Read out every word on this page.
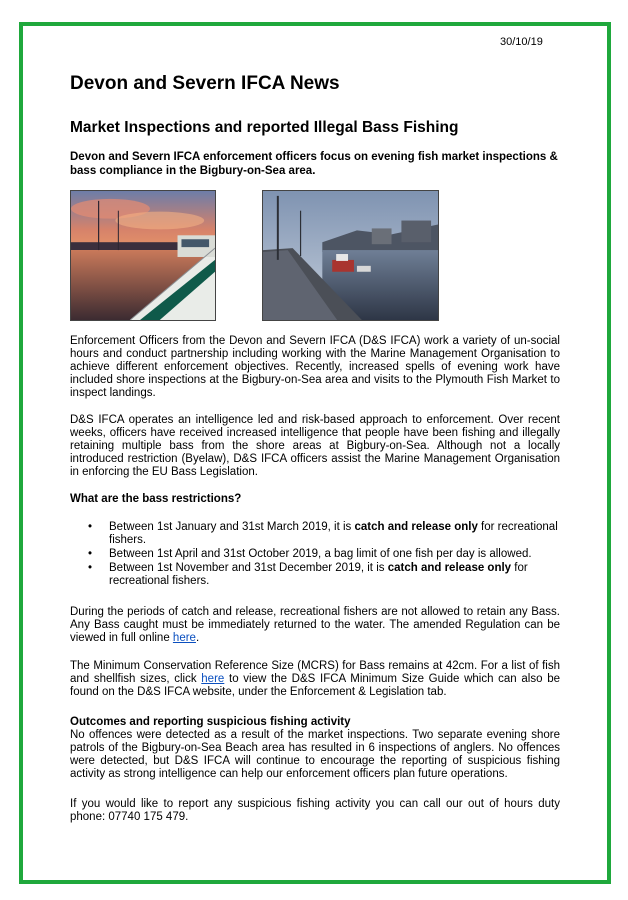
30/10/19
Devon and Severn IFCA News
Market Inspections and reported Illegal Bass Fishing

Devon and Severn IFCA enforcement officers focus on evening fish market inspections & bass compliance in the Bigbury-on-Sea area.

Enforcement Officers from the Devon and Severn IFCA (D&S IFCA) work a variety of un-social hours and conduct partnership including working with the Marine Management Organisation to achieve different enforcement objectives. Recently, increased spells of evening work have included shore inspections at the Bigbury-on-Sea area and visits to the Plymouth Fish Market to inspect landings.

D&S IFCA operates an intelligence led and risk-based approach to enforcement. Over recent weeks, officers have received increased intelligence that people have been fishing and illegally retaining multiple bass from the shore areas at Bigbury-on-Sea. Although not a locally introduced restriction (Byelaw), D&S IFCA officers assist the Marine Management Organisation in enforcing the EU Bass Legislation.

What are the bass restrictions?

• Between 1st January and 31st March 2019, it is catch and release only for recreational fishers.
• Between 1st April and 31st October 2019, a bag limit of one fish per day is allowed.
• Between 1st November and 31st December 2019, it is catch and release only for recreational fishers.

During the periods of catch and release, recreational fishers are not allowed to retain any Bass. Any Bass caught must be immediately returned to the water. The amended Regulation can be viewed in full online here.

The Minimum Conservation Reference Size (MCRS) for Bass remains at 42cm. For a list of fish and shellfish sizes, click here to view the D&S IFCA Minimum Size Guide which can also be found on the D&S IFCA website, under the Enforcement & Legislation tab.

Outcomes and reporting suspicious fishing activity

No offences were detected as a result of the market inspections. Two separate evening shore patrols of the Bigbury-on-Sea Beach area has resulted in 6 inspections of anglers. No offences were detected, but D&S IFCA will continue to encourage the reporting of suspicious fishing activity as strong intelligence can help our enforcement officers plan future operations.

If you would like to report any suspicious fishing activity you can call our out of hours duty phone: 07740 175 479.
